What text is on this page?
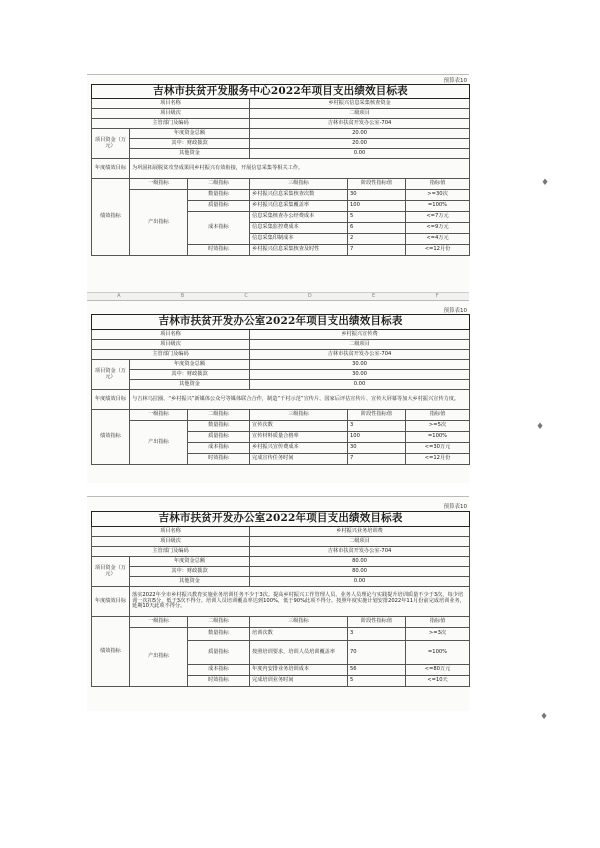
预算表10
吉林市扶贫开发服务中心2022年项目支出绩效目标表					
项目名称			乡村振兴信息采集核查资金		
项目级次			二级项目		
主管部门及编码			吉林市扶贫开发办公室-704		
项目资金（万元）	年度资金总额		20.00		
	其中：财政拨款		20.00		
	其他资金		0.00		
年度绩效目标	为巩固拓展脱贫攻坚成果同乡村振兴有效衔接，开展信息采集等相关工作。				
绩效指标	一级指标	二级指标	三级指标	阶段性指标值	指标值
	产出指标	数量指标	乡村振兴信息采集核查次数	30	>=30次
		质量指标	乡村振兴信息采集覆盖率	100	=100%
		成本指标	信息采集核查办公经费成本	5	<=7万元
			信息采集监控费成本	6	<=9万元
			信息采集印制成本	2	<=4万元
		时效指标	乡村振兴信息采集核查及时性	7	<=12月份
A	B	C	D	E	F
预算表10
吉林市扶贫开发办公室2022年项目支出绩效目标表					
项目名称			乡村振兴宣传费		
项目级次			二级项目		
主管部门及编码			吉林市扶贫开发办公室-704		
项目资金（万元）	年度资金总额		30.00		
	其中：财政拨款		30.00		
	其他资金		0.00		
年度绩效目标	与吉林乌拉圈、“乡村振兴”新媒体公众号等媒体联合合作，制造“千村示范”宣传片、国家后评估宣传片、宣传大屏幕等加大乡村振兴宣传力度。				
绩效指标	一级指标	二级指标	三级指标	阶段性指标值	指标值
	产出指标	数量指标	宣传次数	3	>=5次
		质量指标	宣传材料质量合格率	100	=100%
		成本指标	乡村振兴宣传费成本	30	<=30万元
		时效指标	完成宣传任务时间	7	<=12月份
预算表10
吉林市扶贫开发办公室2022年项目支出绩效目标表					
项目名称			乡村振兴业务培训费		
项目级次			二级项目		
主管部门及编码			吉林市扶贫开发办公室-704		
项目资金（万元）	年度资金总额		80.00		
	其中：财政拨款		80.00		
	其他资金		0.00		
年度绩效目标	落实2022年全市乡村振兴教育实施业务培训任务不少于3次。提高乡村振兴工作管理人员、业务人员理论与实践提升培训质量不少于3次，每少培训一次扣5分，低于3次不得分。培训人员培训覆盖率达到100%，低于90%此项不得分。按照年度实施计划安排2022年11月份前完成培训业务，延期10天此项不得分。				
绩效指标	一级指标	二级指标	三级指标	阶段性指标值	指标值
	产出指标	数量指标	培训次数	3	>=3次
		质量指标	按照培训要求，培训人员培训覆盖率	70	=100%
		成本指标	年度内安排业务培训成本	56	<=80万元
		时效指标	完成培训业务时间	5	<=10天
♦
♦
♦
